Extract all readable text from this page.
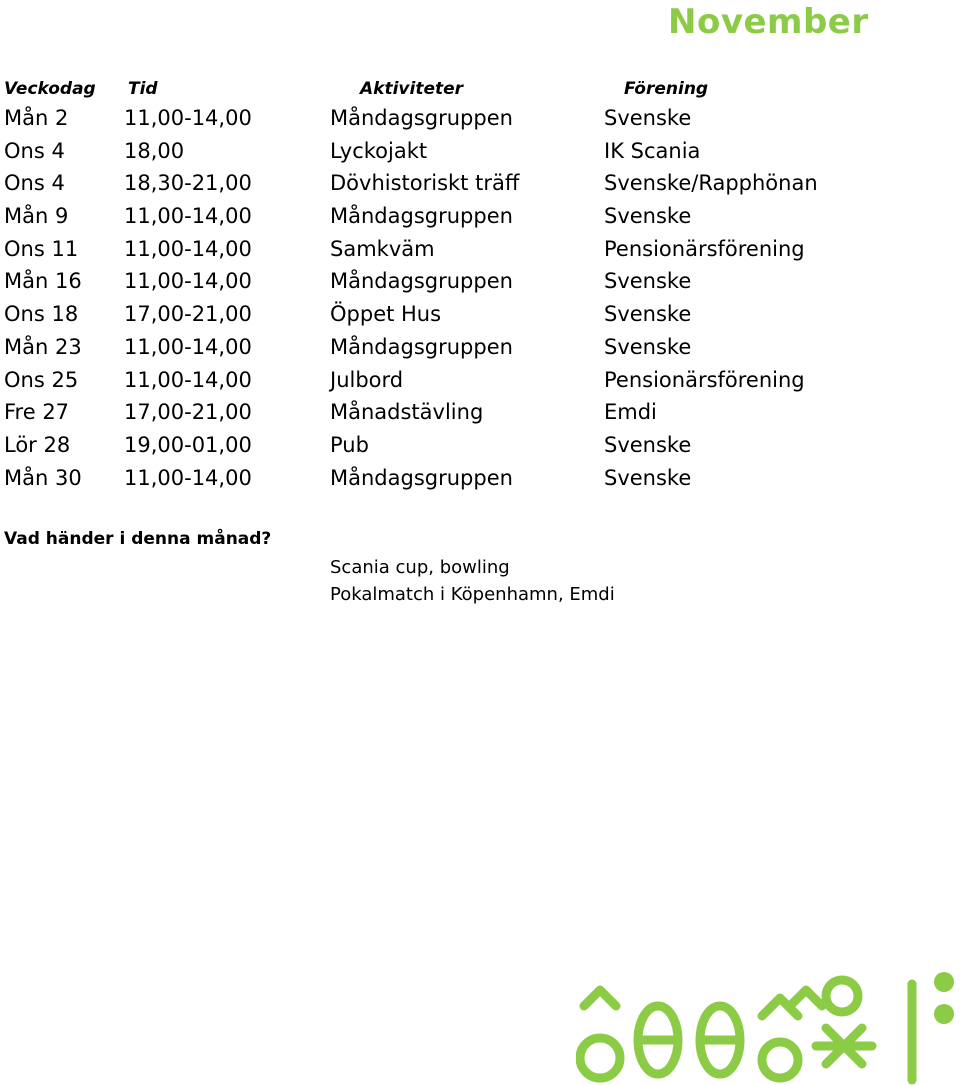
November
Veckodag Tid	Aktiviteter	Förening
Mån 2	11,00-14,00	Måndagsgruppen	Svenske
Ons 4	18,00	Lyckojakt	IK Scania
Ons 4	18,30-21,00	Dövhistoriskt träff	Svenske/Rapphönan
Mån 9	11,00-14,00	Måndagsgruppen	Svenske
Ons 11 11,00-14,00	Samkväm	Pensionärsförening
Mån 16 11,00-14,00	Måndagsgruppen	Svenske
Ons 18 17,00-21,00	Öppet Hus	Svenske
Mån 23 11,00-14,00	Måndagsgruppen	Svenske
Ons 25 11,00-14,00	Julbord	Pensionärsförening
Fre 27	17,00-21,00	Månadstävling	Emdi
Lör 28	19,00-01,00	Pub	Svenske
Mån 30 11,00-14,00	Måndagsgruppen	Svenske
Vad händer i denna månad?
Scania cup, bowling
Pokalmatch i Köpenhamn, Emdi
